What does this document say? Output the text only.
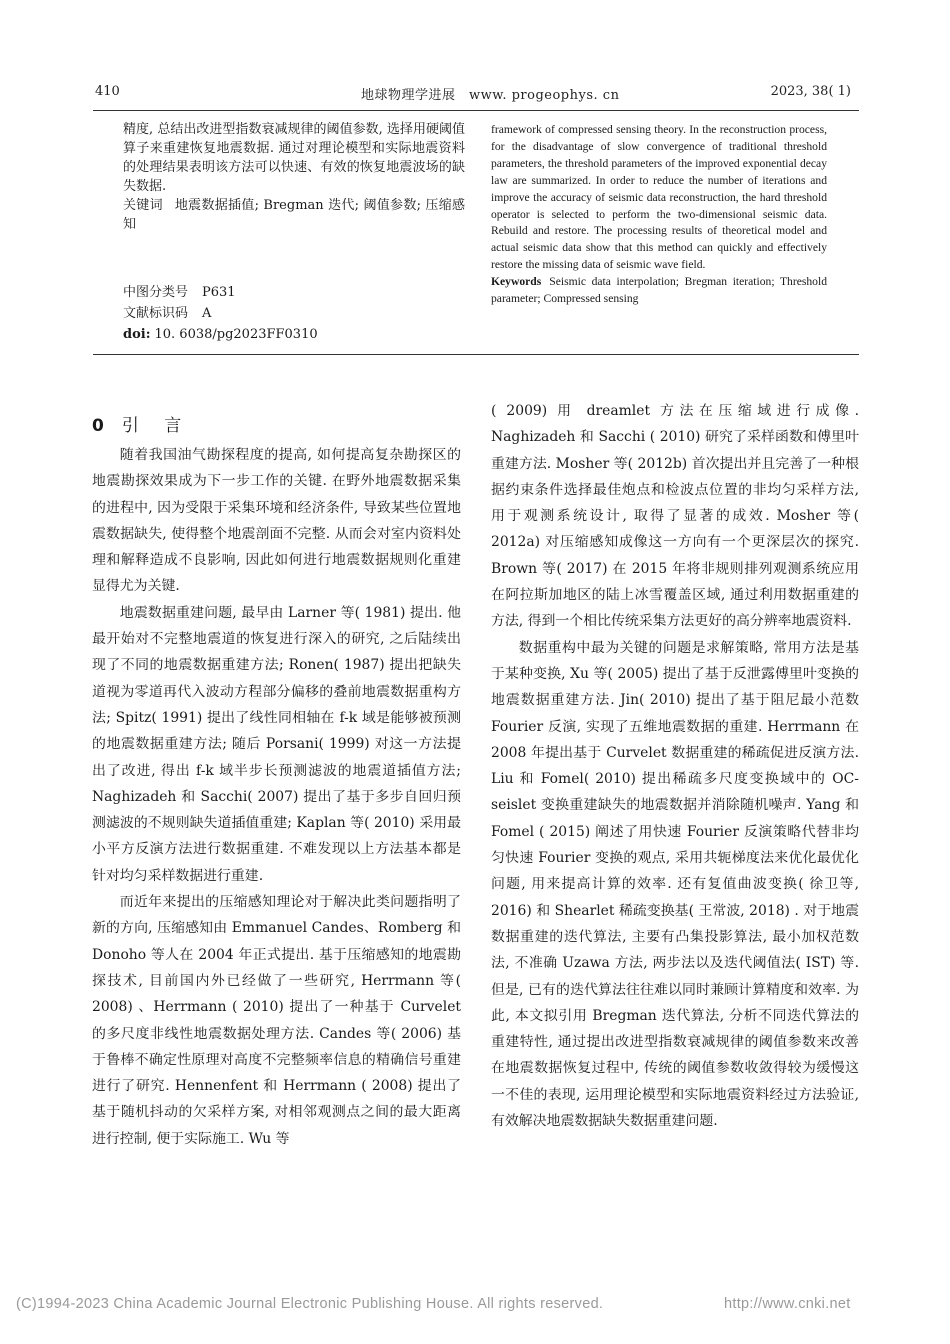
410	地球物理学进展　www. progeophys. cn	2023, 38( 1)
精度, 总结出改进型指数衰减规律的阈值参数, 选择用硬阈值算子来重建恢复地震数据. 通过对理论模型和实际地震资料的处理结果表明该方法可以快速、有效的恢复地震波场的缺失数据.
关键词 地震数据插值; Bregman 迭代; 阈值参数; 压缩感知
中图分类号 P631
文献标识码 A
doi: 10. 6038/pg2023FF0310
framework of compressed sensing theory. In the reconstruction process, for the disadvantage of slow convergence of traditional threshold parameters, the threshold parameters of the improved exponential decay law are summarized. In order to reduce the number of iterations and improve the accuracy of seismic data reconstruction, the hard threshold operator is selected to perform the two-dimensional seismic data. Rebuild and restore. The processing results of theoretical model and actual seismic data show that this method can quickly and effectively restore the missing data of seismic wave field.
Keywords Seismic data interpolation; Bregman iteration; Threshold parameter; Compressed sensing
0 引 言

随着我国油气勘探程度的提高, 如何提高复杂勘探区的地震勘探效果成为下一步工作的关键. 在野外地震数据采集的进程中, 因为受限于采集环境和经济条件, 导致某些位置地震数据缺失, 使得整个地震剖面不完整. 从而会对室内资料处理和解释造成不良影响, 因此如何进行地震数据规则化重建显得尤为关键.

地震数据重建问题, 最早由 Larner 等( 1981) 提出. 他最开始对不完整地震道的恢复进行深入的研究, 之后陆续出现了不同的地震数据重建方法; Ronen( 1987) 提出把缺失道视为零道再代入波动方程部分偏移的叠前地震数据重构方法; Spitz( 1991) 提出了线性同相轴在 f-k 域是能够被预测的地震数据重建方法; 随后 Porsani( 1999) 对这一方法提出了改进, 得出 f-k 域半步长预测滤波的地震道插值方法; Naghizadeh 和 Sacchi( 2007) 提出了基于多步自回归预测滤波的不规则缺失道插值重建; Kaplan 等( 2010) 采用最小平方反演方法进行数据重建. 不难发现以上方法基本都是针对均匀采样数据进行重建.

而近年来提出的压缩感知理论对于解决此类问题指明了新的方向, 压缩感知由 Emmanuel Candes、Romberg 和 Donoho 等人在 2004 年正式提出. 基于压缩感知的地震勘探技术, 目前国内外已经做了一些研究, Herrmann 等( 2008) 、Herrmann ( 2010) 提出了一种基于 Curvelet 的多尺度非线性地震数据处理方法. Candes 等( 2006) 基于鲁棒不确定性原理对高度不完整频率信息的精确信号重建进行了研究. Hennenfent 和 Herrmann ( 2008) 提出了基于随机抖动的欠采样方案, 对相邻观测点之间的最大距离进行控制, 便于实际施工. Wu 等

( 2009) 用 dreamlet 方法在压缩域进行成像. Naghizadeh 和 Sacchi ( 2010) 研究了采样函数和傅里叶重建方法. Mosher 等( 2012b) 首次提出并且完善了一种根据约束条件选择最佳炮点和检波点位置的非均匀采样方法, 用于观测系统设计, 取得了显著的成效. Mosher 等( 2012a) 对压缩感知成像这一方向有一个更深层次的探究. Brown 等( 2017) 在 2015 年将非规则排列观测系统应用在阿拉斯加地区的陆上冰雪覆盖区域, 通过利用数据重建的方法, 得到一个相比传统采集方法更好的高分辨率地震资料.

数据重构中最为关键的问题是求解策略, 常用方法是基于某种变换, Xu 等( 2005) 提出了基于反泄露傅里叶变换的地震数据重建方法. Jin( 2010) 提出了基于阻尼最小范数 Fourier 反演, 实现了五维地震数据的重建. Herrmann 在 2008 年提出基于 Curvelet 数据重建的稀疏促进反演方法. Liu 和 Fomel( 2010) 提出稀疏多尺度变换域中的 OC-seislet 变换重建缺失的地震数据并消除随机噪声. Yang 和 Fomel ( 2015) 阐述了用快速 Fourier 反演策略代替非均匀快速 Fourier 变换的观点, 采用共轭梯度法来优化最优化问题, 用来提高计算的效率. 还有复值曲波变换( 徐卫等, 2016) 和 Shearlet 稀疏变换基( 王常波, 2018) . 对于地震数据重建的迭代算法, 主要有凸集投影算法, 最小加权范数法, 不准确 Uzawa 方法, 两步法以及迭代阈值法( IST) 等. 但是, 已有的迭代算法往往难以同时兼顾计算精度和效率. 为此, 本文拟引用 Bregman 迭代算法, 分析不同迭代算法的重建特性, 通过提出改进型指数衰减规律的阈值参数来改善在地震数据恢复过程中, 传统的阈值参数收敛得较为缓慢这一不佳的表现, 运用理论模型和实际地震资料经过方法验证, 有效解决地震数据缺失数据重建问题.

(C)1994-2023 China Academic Journal Electronic Publishing House. All rights reserved.	http://www.cnki.net
